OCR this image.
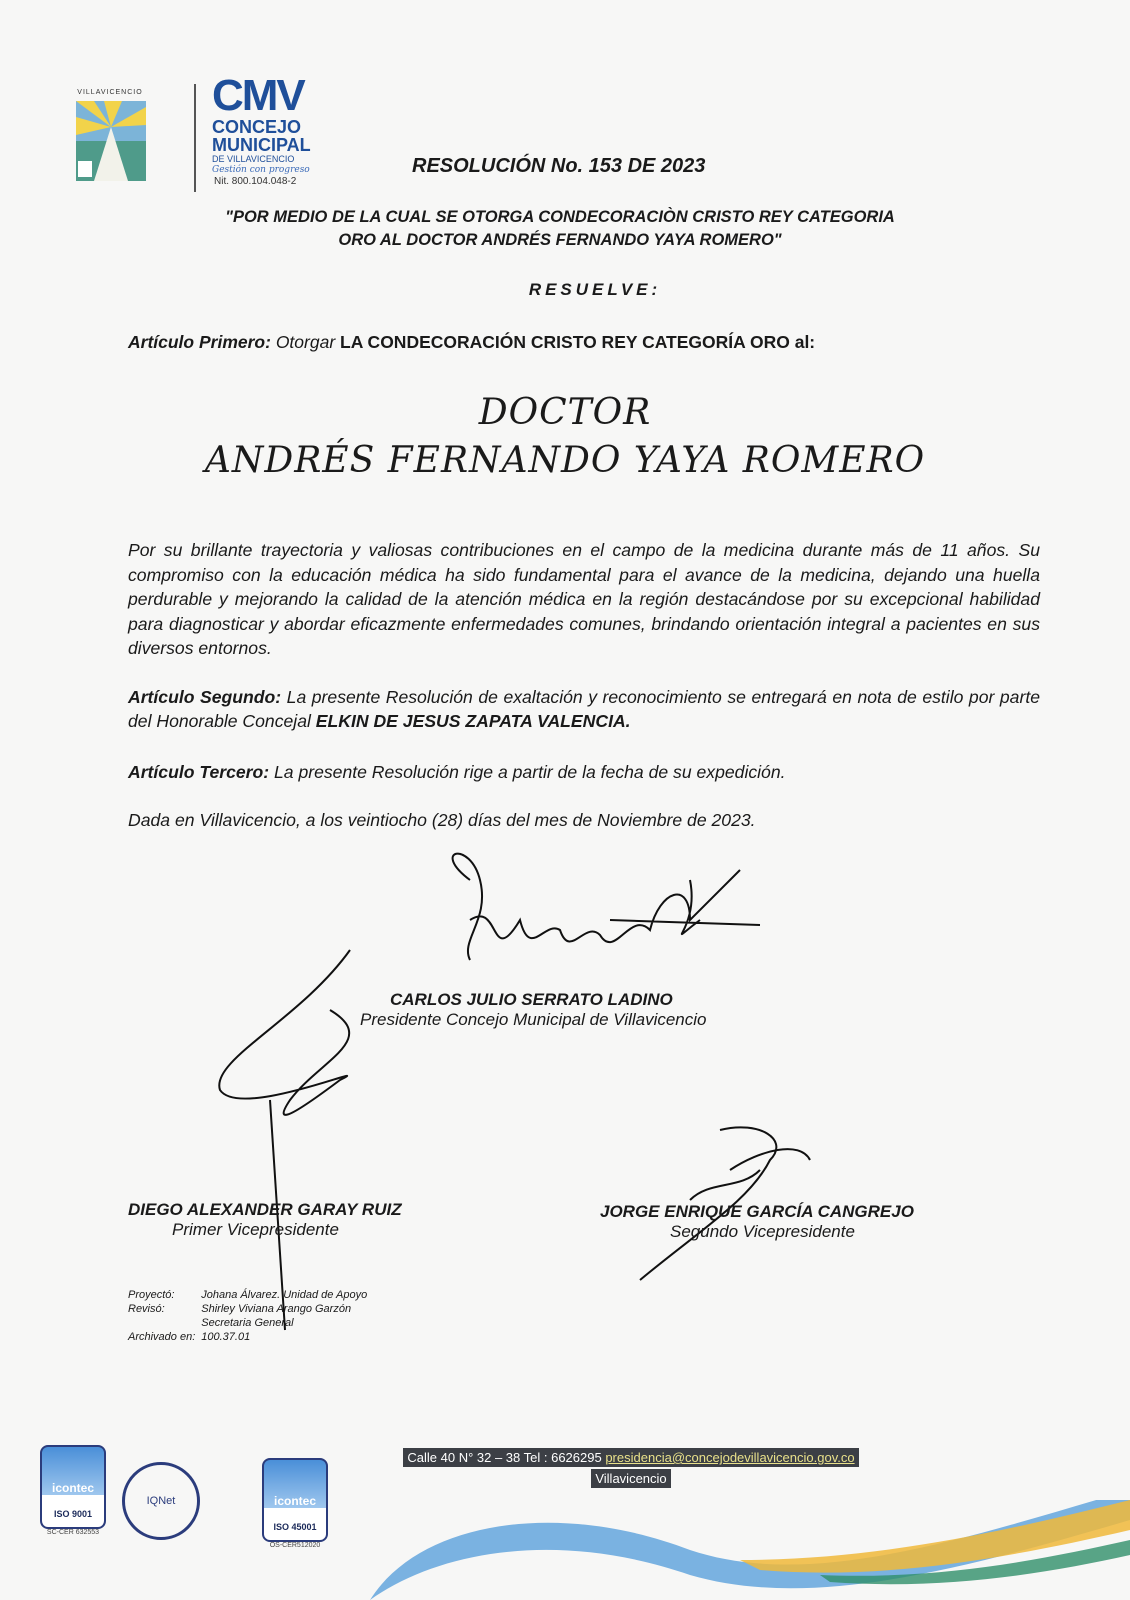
VILLAVICENCIO	CMV
CONCEJO
MUNICIPAL
DE VILLAVICENCIO
Gestión con progreso
Nit. 800.104.048-2
RESOLUCIÓN No. 153 DE 2023
"POR MEDIO DE LA CUAL SE OTORGA CONDECORACIÒN CRISTO REY CATEGORIA
ORO AL DOCTOR ANDRÉS FERNANDO YAYA ROMERO"
RESUELVE:
Artículo Primero: Otorgar LA CONDECORACIÓN CRISTO REY CATEGORÍA ORO al:
DOCTOR
ANDRÉS FERNANDO YAYA ROMERO
Por su brillante trayectoria y valiosas contribuciones en el campo de la medicina durante más de 11 años. Su compromiso con la educación médica ha sido fundamental para el avance de la medicina, dejando una huella perdurable y mejorando la calidad de la atención médica en la región destacándose por su excepcional habilidad para diagnosticar y abordar eficazmente enfermedades comunes, brindando orientación integral a pacientes en sus diversos entornos.
Artículo Segundo: La presente Resolución de exaltación y reconocimiento se entregará en nota de estilo por parte del Honorable Concejal ELKIN DE JESUS ZAPATA VALENCIA.
Artículo Tercero: La presente Resolución rige a partir de la fecha de su expedición.
Dada en Villavicencio, a los veintiocho (28) días del mes de Noviembre de 2023.
CARLOS JULIO SERRATO LADINO
Presidente Concejo Municipal de Villavicencio
DIEGO ALEXANDER GARAY RUIZ
Primer Vicepresidente
JORGE ENRIQUE GARCÍA CANGREJO
Segundo Vicepresidente
Proyectó:	Johana Álvarez. Unidad de Apoyo
Revisó:	Shirley Viviana Arango Garzón
	Secretaria General
Archivado en:	100.37.01
icontec
ISO 9001
SC-CER 632553
IQNet	icontec
ISO 45001
OS-CER512020
Calle 40 N° 32 – 38 Tel : 6626295 presidencia@concejodevillavicencio.gov.co
Villavicencio
